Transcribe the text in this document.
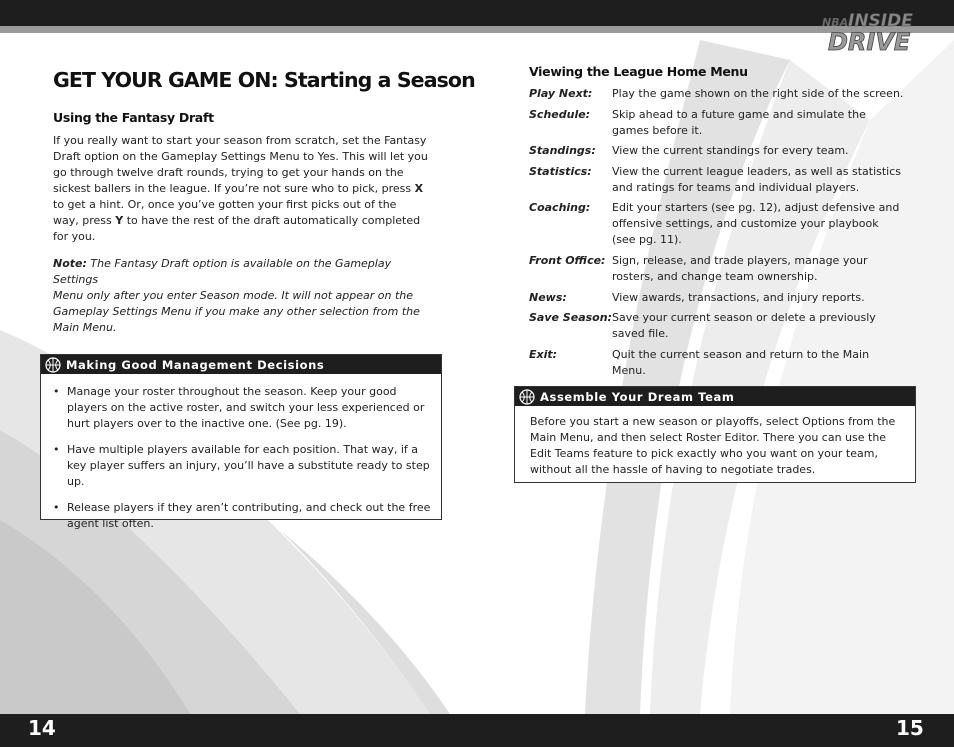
NBA INSIDE
DRIVE
GET YOUR GAME ON: Starting a Season
Using the Fantasy Draft
If you really want to start your season from scratch, set the Fantasy
Draft option on the Gameplay Settings Menu to Yes. This will let you
go through twelve draft rounds, trying to get your hands on the
sickest ballers in the league. If you’re not sure who to pick, press X
to get a hint. Or, once you’ve gotten your first picks out of the
way, press Y to have the rest of the draft automatically completed
for you.
Note: The Fantasy Draft option is available on the Gameplay Settings
Menu only after you enter Season mode. It will not appear on the
Gameplay Settings Menu if you make any other selection from the
Main Menu.
Making Good Management Decisions
• Manage your roster throughout the season. Keep your good players on the active roster, and switch your less experienced or hurt players over to the inactive one. (See pg. 19).
• Have multiple players available for each position. That way, if a key player suffers an injury, you’ll have a substitute ready to step up.
• Release players if they aren’t contributing, and check out the free agent list often.
Viewing the League Home Menu
Play Next: Play the game shown on the right side of the screen.
Schedule: Skip ahead to a future game and simulate the games before it.
Standings: View the current standings for every team.
Statistics: View the current league leaders, as well as statistics and ratings for teams and individual players.
Coaching: Edit your starters (see pg. 12), adjust defensive and offensive settings, and customize your playbook (see pg. 11).
Front Office: Sign, release, and trade players, manage your rosters, and change team ownership.
News:	View awards, transactions, and injury reports.
Save Season: Save your current season or delete a previously saved file.
Exit:	Quit the current season and return to the Main Menu.
Assemble Your Dream Team
Before you start a new season or playoffs, select Options from the Main Menu, and then select Roster Editor. There you can use the Edit Teams feature to pick exactly who you want on your team, without all the hassle of having to negotiate trades.
14	15
